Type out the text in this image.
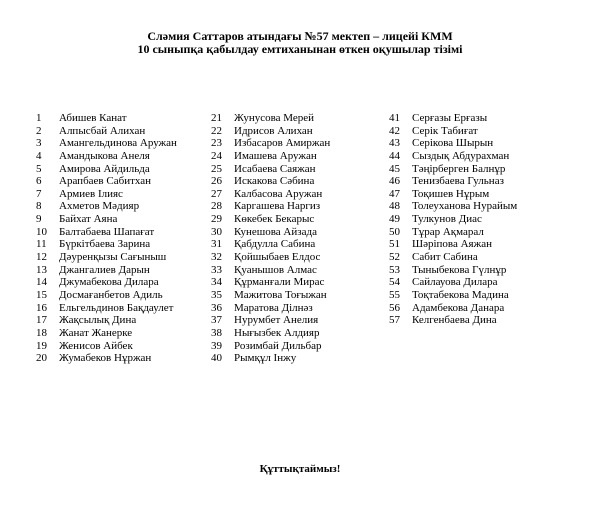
Сләмия Саттаров атындағы №57 мектеп – лицейі КММ
10 сыныпқа қабылдау емтиханынан өткен оқушылар тізімі
1	Абишев Канат
2	Алпысбай Алихан
3	Амангельдинова Аружан
4	Амандыкова Анеля
5	Амирова Айдильда
6	Арапбаев Сабитхан
7	Армиев Ілияс
8	Ахметов Мәдияр
9	Байхат Аяна
10	Балтабаева Шапағат
11	Бүркітбаева Зарина
12	Дәуренқызы Сағыныш
13	Джангалиев Дарын
14	Джумабекова Дилара
15	Досмағанбетов Адиль
16	Ельгельдинов Бақдаулет
17	Жақсылық Дина
18	Жанат Жанерке
19	Женисов Айбек
20	Жумабеков Нұржан
21	Жунусова Мерей
22	Идрисов Алихан
23	Избасаров Амиржан
24	Имашева Аружан
25	Исабаева Саяжан
26	Искакова Сәбина
27	Калбасова Аружан
28	Каргашева Наргиз
29	Көкебек Бекарыс
30	Кунешова Айзада
31	Қабдулла Сабина
32	Қойшыбаев Елдос
33	Қуанышов Алмас
34	Құрманғали Мирас
35	Мажитова Тоғыжан
36	Маратова Ділнәз
37	Нурумбет Анелия
38	Нығызбек Алдияр
39	Розимбай Дильбар
40	Рымқұл Інжу
41	Серғазы Ерғазы
42	Серік Табиғат
43	Серікова Шырын
44	Сыздық Абдурахман
45	Тәңірберген Балнұр
46	Тенизбаева Гульназ
47	Тоқишев Нұрым
48	Толеуханова Нурайым
49	Тулкунов Диас
50	Тұрар Ақмарал
51	Шәріпова Аяжан
52	Сабит Сабина
53	Тыныбекова Гүлнұр
54	Сайлауова Дилара
55	Тоқтабекова Мадина
56	Адамбекова Данара
57	Келгенбаева Дина
Құттықтаймыз!
